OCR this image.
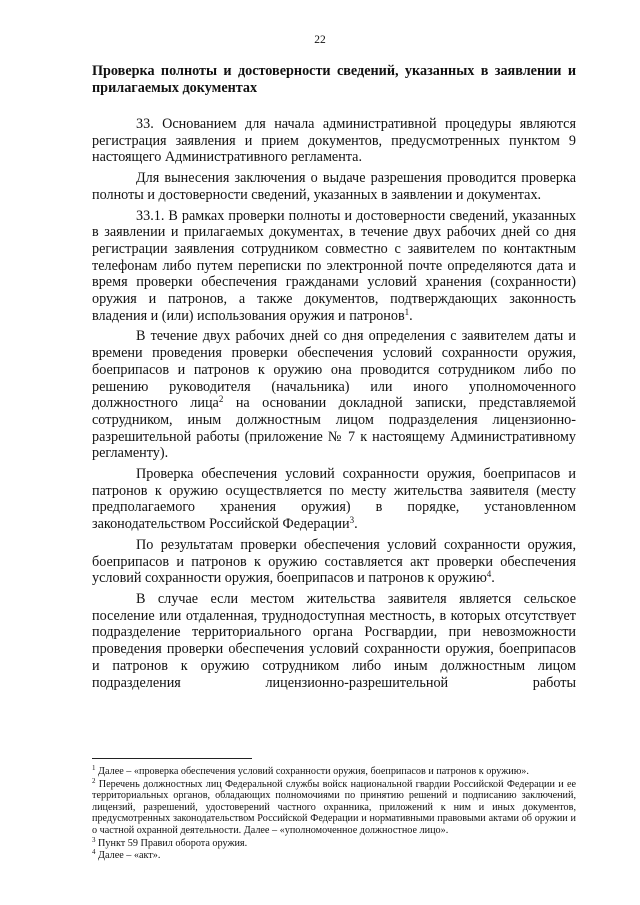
22
Проверка полноты и достоверности сведений, указанных в заявлении и прилагаемых документах

33. Основанием для начала административной процедуры являются регистрация заявления и прием документов, предусмотренных пунктом 9 настоящего Административного регламента.

Для вынесения заключения о выдаче разрешения проводится проверка полноты и достоверности сведений, указанных в заявлении и документах.

33.1. В рамках проверки полноты и достоверности сведений, указанных в заявлении и прилагаемых документах, в течение двух рабочих дней со дня регистрации заявления сотрудником совместно с заявителем по контактным телефонам либо путем переписки по электронной почте определяются дата и время проверки обеспечения гражданами условий хранения (сохранности) оружия и патронов, а также документов, подтверждающих законность владения и (или) использования оружия и патронов$^1$.

В течение двух рабочих дней со дня определения с заявителем даты и времени проведения проверки обеспечения условий сохранности оружия, боеприпасов и патронов к оружию она проводится сотрудником либо по решению руководителя (начальника) или иного уполномоченного должностного лица$^2$ на основании докладной записки, представляемой сотрудником, иным должностным лицом подразделения лицензионно-разрешительной работы (приложение № 7 к настоящему Административному регламенту).

Проверка обеспечения условий сохранности оружия, боеприпасов и патронов к оружию осуществляется по месту жительства заявителя (месту предполагаемого хранения оружия) в порядке, установленном законодательством Российской Федерации$^3$.

По результатам проверки обеспечения условий сохранности оружия, боеприпасов и патронов к оружию составляется акт проверки обеспечения условий сохранности оружия, боеприпасов и патронов к оружию$^4$.

В случае если местом жительства заявителя является сельское поселение или отдаленная, труднодоступная местность, в которых отсутствует подразделение территориального органа Росгвардии, при невозможности проведения проверки обеспечения условий сохранности оружия, боеприпасов и патронов к оружию сотрудником либо иным должностным лицом подразделения лицензионно-разрешительной работы

$^1$ Далее – «проверка обеспечения условий сохранности оружия, боеприпасов и патронов к оружию».
$^2$ Перечень должностных лиц Федеральной службы войск национальной гвардии Российской Федерации и ее территориальных органов, обладающих полномочиями по принятию решений и подписанию заключений, лицензий, разрешений, удостоверений частного охранника, приложений к ним и иных документов, предусмотренных законодательством Российской Федерации и нормативными правовыми актами об оружии и о частной охранной деятельности. Далее – «уполномоченное должностное лицо».
$^3$ Пункт 59 Правил оборота оружия.
$^4$ Далее – «акт».
